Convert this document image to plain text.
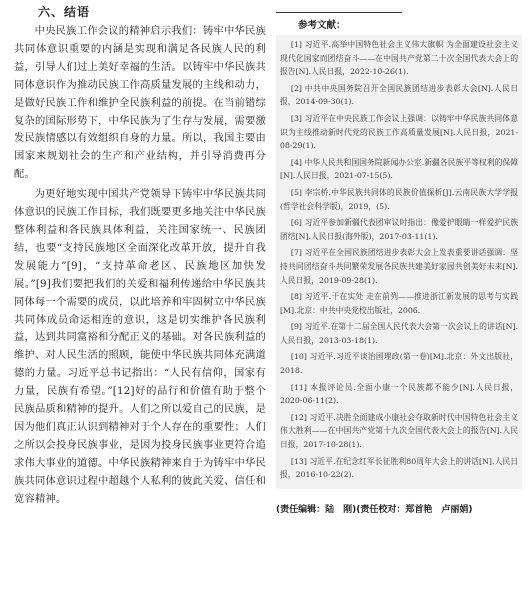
六、结语

中央民族工作会议的精神启示我们：铸牢中华民族共同体意识重要的内涵是实现和满足各民族人民的利益，引导人们过上美好幸福的生活。以铸牢中华民族共同体意识作为推动民族工作高质量发展的主线和动力，是做好民族工作和维护全民族利益的前提。在当前错综复杂的国际形势下，中华民族为了生存与发展，需要激发民族情感以有效组织自身的力量。所以，我国主要由国家来规划社会的生产和产业结构，并引导消费再分配。

为更好地实现中国共产党领导下铸牢中华民族共同体意识的民族工作目标，我们既要更多地关注中华民族整体利益和各民族具体利益，关注国家统一、民族团结，也要“支持民族地区全面深化改革开放，提升自我发展能力”[9]，“支持革命老区、民族地区加快发展。”[9]我们要把我们的关爱和福利传递给中华民族共同体每一个需要的成员，以此培养和牢固树立中华民族共同体成员命运相连的意识，这是切实维护各民族利益，达到共同富裕和分配正义的基础。对各民族利益的维护、对人民生活的照顾，能使中华民族共同体充满道德的力量。习近平总书记指出：“人民有信仰，国家有力量，民族有希望。”[12]好的品行和价值有助于整个民族品质和精神的提升。人们之所以爱自己的民族，是因为他们真正认识到精神对于个人存在的重要性；人们之所以会投身民族事业，是因为投身民族事业更符合追求伟大事业的道德。中华民族精神来自于为铸牢中华民族共同体意识过程中超越个人私利的彼此关爱、信任和宽容精神。

参考文献：

[1] 习近平.高举中国特色社会主义伟大旗帜 为全面建设社会主义现代化国家而团结奋斗——在中国共产党第二十次全国代表大会上的报告[N].人民日报，2022-10-26(1).

[2] 中共中央国务院召开全国民族团结进步表彰大会[N].人民日报，2014-09-30(1).

[3] 习近平在中央民族工作会议上强调：以铸牢中华民族共同体意识为主线推动新时代党的民族工作高质量发展[N].人民日报，2021-08-29(1).

[4] 中华人民共和国国务院新闻办公室.新疆各民族平等权利的保障[N].人民日报，2021-07-15(5).

[5] 李宗桥.中华民族共同体的民族价值探析[J].云南民族大学学报(哲学社会科学版)，2019，(5).

[6] 习近平参加新疆代表团审议时指出：像爱护眼睛一样爱护民族团结[N].人民日报(海外版)，2017-03-11(1).

[7] 习近平在全国民族团结进步表彰大会上发表重要讲话强调：坚持共同团结奋斗共同繁荣发展各民族共建美好家园共创美好未来[N].人民日报，2019-09-28(1).

[8] 习近平.干在实处 走在前列——推进浙江新发展的思考与实践[M].北京：中共中央党校出版社，2006.

[9] 习近平.在第十二届全国人民代表大会第一次会议上的讲话[N].人民日报，2013-03-18(1).

[10] 习近平.习近平谈治国理政(第一卷)[M].北京：外文出版社，2018.

[11] 本报评论员.全面小康一个民族都不能少[N].人民日报，2020-06-11(2).

[12] 习近平.决胜全面建成小康社会夺取新时代中国特色社会主义伟大胜利——在中国共产党第十九次全国代表大会上的报告[N].人民日报，2017-10-28(1).

[13] 习近平.在纪念红军长征胜利80周年大会上的讲话[N].人民日报，2016-10-22(2).

(责任编辑：陆　刚)(责任校对：郑首艳　卢丽娟)
